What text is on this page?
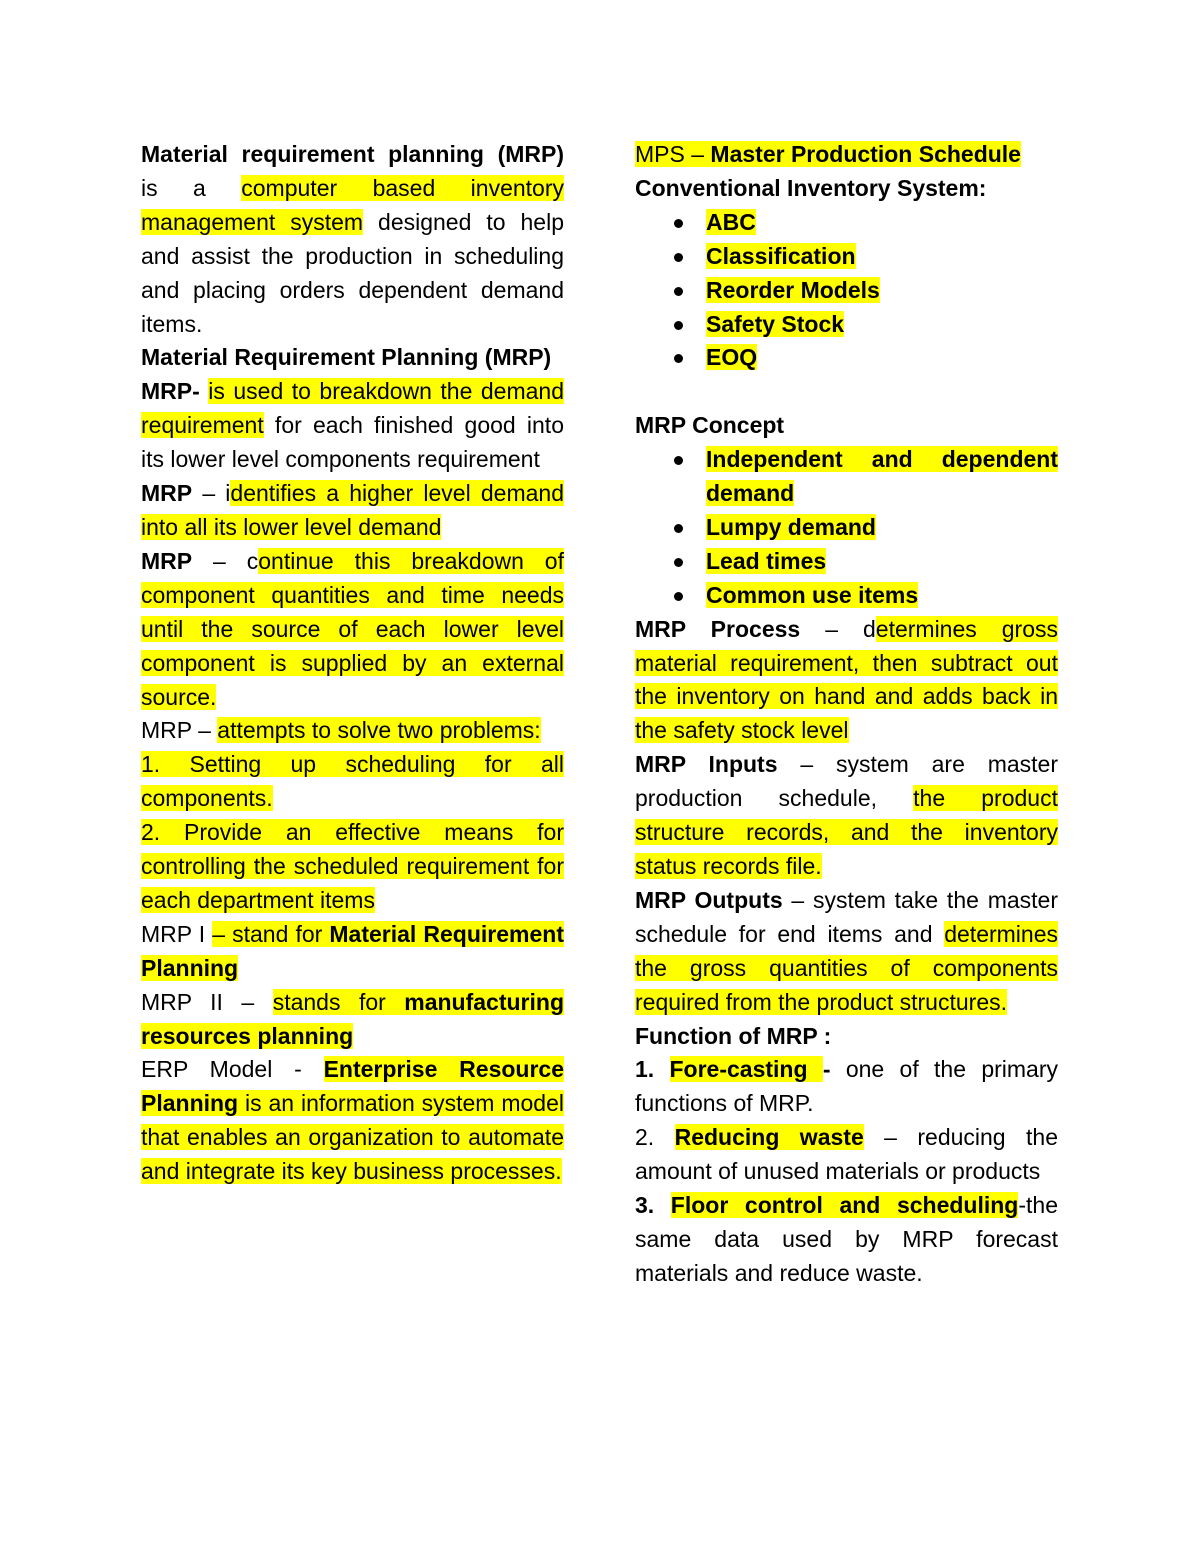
Material requirement planning (MRP) is a computer based inventory management system designed to help and assist the production in scheduling and placing orders dependent demand items.

Material Requirement Planning (MRP)

MRP- is used to breakdown the demand requirement for each finished good into its lower level components requirement

MRP – identifies a higher level demand into all its lower level demand

MRP – continue this breakdown of component quantities and time needs until the source of each lower level component is supplied by an external source.

MRP – attempts to solve two problems:

1. Setting up scheduling for all components.

2. Provide an effective means for controlling the scheduled requirement for each department items

MRP I – stand for Material Requirement Planning

MRP II – stands for manufacturing resources planning

ERP Model - Enterprise Resource Planning is an information system model that enables an organization to automate and integrate its key business processes.

MPS – Master Production Schedule

Conventional Inventory System:

ABC
Classification
Reorder Models
Safety Stock
EOQ

MRP Concept

Independent and dependent demand
Lumpy demand
Lead times
Common use items

MRP Process – determines gross material requirement, then subtract out the inventory on hand and adds back in the safety stock level

MRP Inputs – system are master production schedule, the product structure records, and the inventory status records file.

MRP Outputs – system take the master schedule for end items and determines the gross quantities of components required from the product structures.

Function of MRP :

1. Fore-casting - one of the primary functions of MRP.

2. Reducing waste – reducing the amount of unused materials or products

3. Floor control and scheduling-the same data used by MRP forecast materials and reduce waste.
